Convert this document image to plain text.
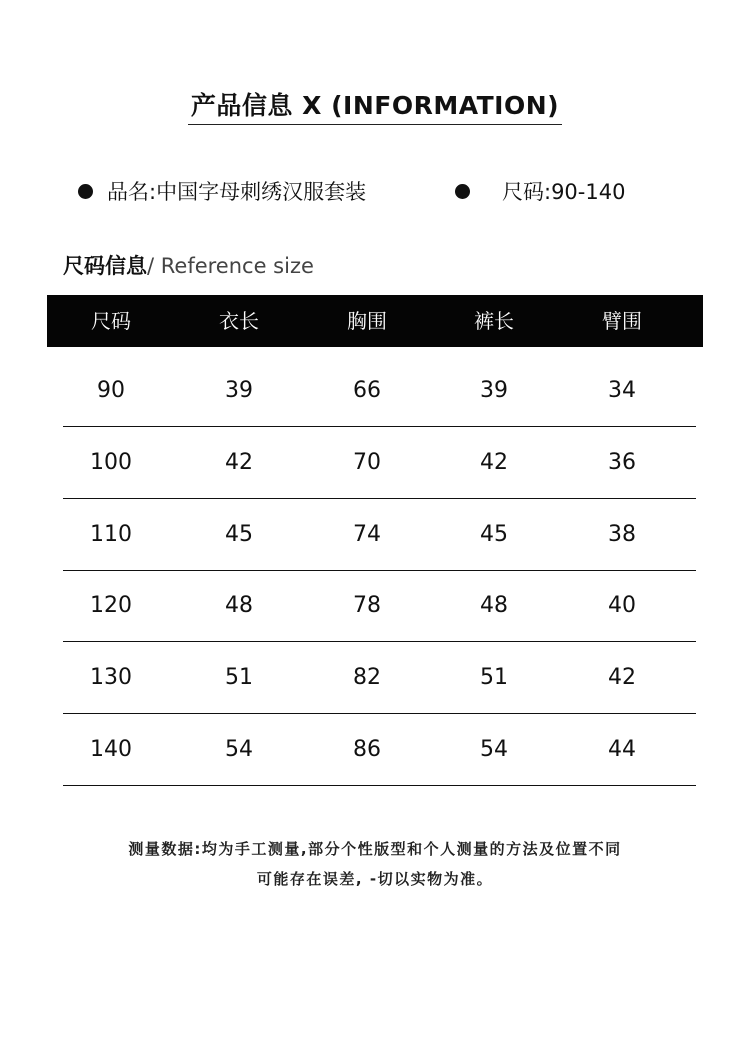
产品信息 X (INFORMATION)
品名:中国字母刺绣汉服套装	尺码:90-140
尺码信息/ Reference size
尺码	衣长	胸围	裤长	臂围
90	39	66	39	34
100	42	70	42	36
110	45	74	45	38
120	48	78	48	40
130	51	82	51	42
140	54	86	54	44
测量数据:均为手工测量,部分个性版型和个人测量的方法及位置不同
可能存在误差, -切以实物为准。
